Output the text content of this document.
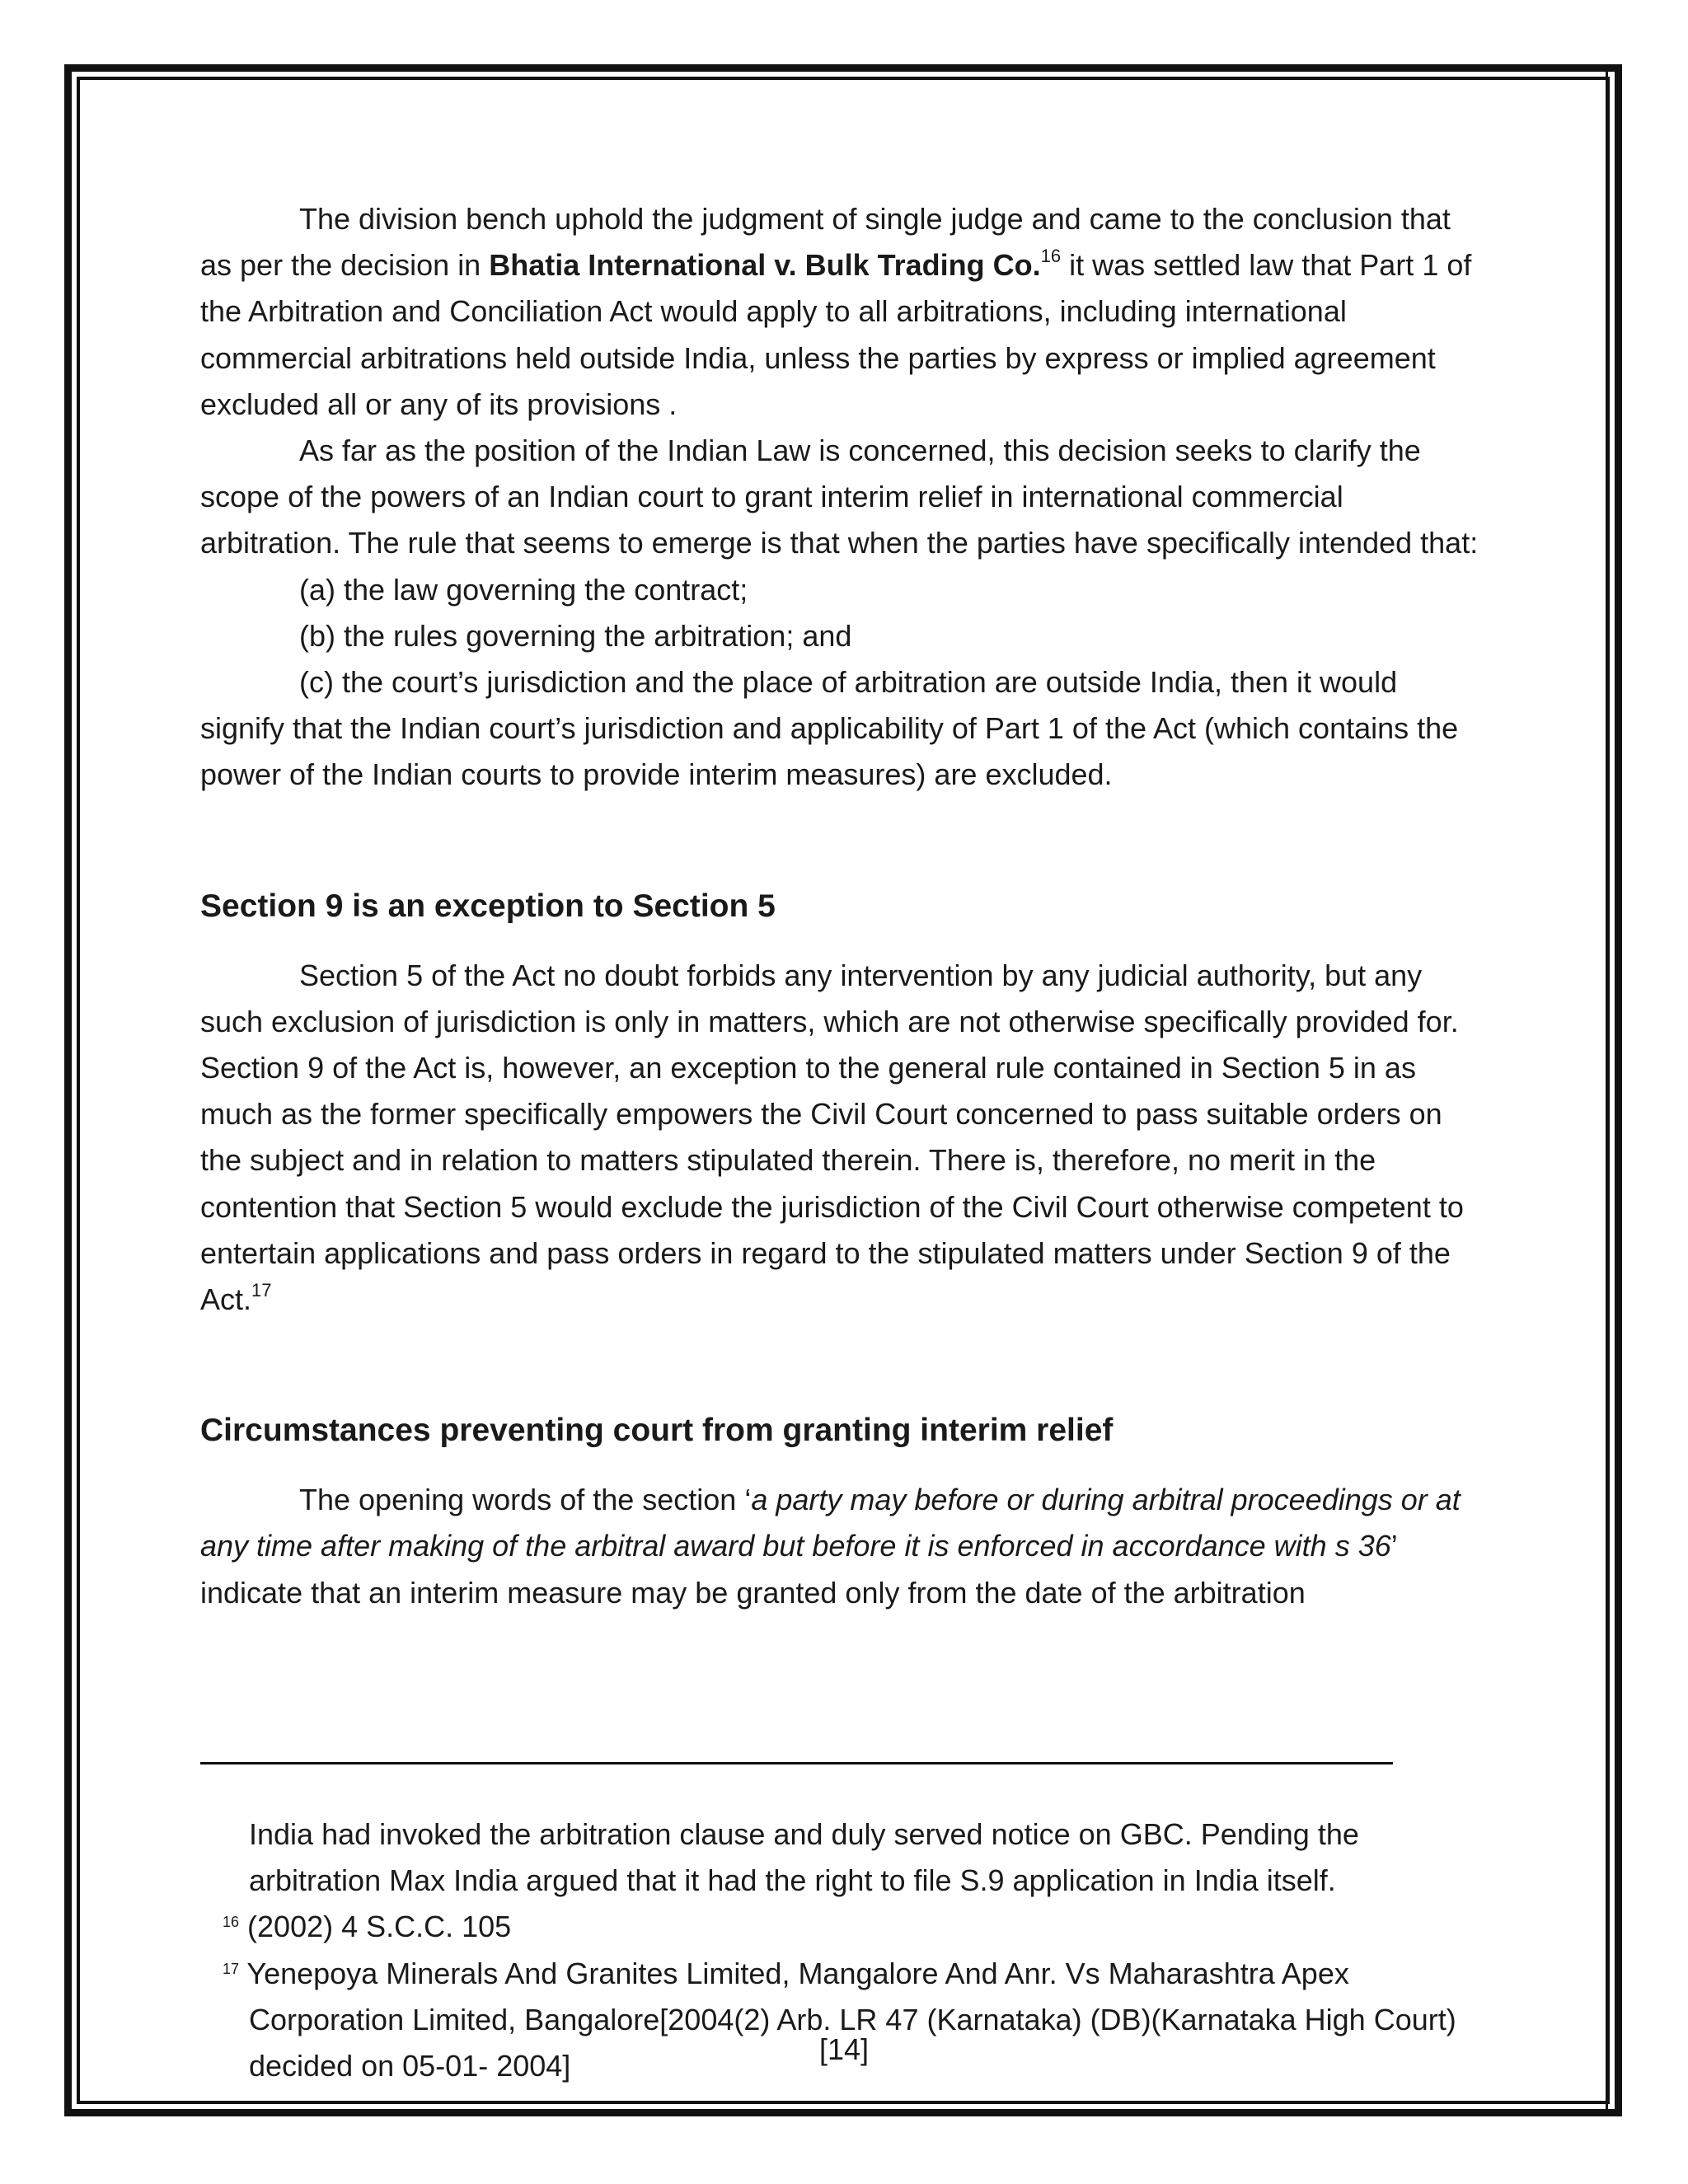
The division bench uphold the judgment of single judge and came to the conclusion that as per the decision in Bhatia International v. Bulk Trading Co.$^{16}$ it was settled law that Part 1 of the Arbitration and Conciliation Act would apply to all arbitrations, including international commercial arbitrations held outside India, unless the parties by express or implied agreement excluded all or any of its provisions .

As far as the position of the Indian Law is concerned, this decision seeks to clarify the scope of the powers of an Indian court to grant interim relief in international commercial arbitration. The rule that seems to emerge is that when the parties have specifically intended that:

(a) the law governing the contract;

(b) the rules governing the arbitration; and

(c) the court’s jurisdiction and the place of arbitration are outside India, then it would signify that the Indian court’s jurisdiction and applicability of Part 1 of the Act (which contains the power of the Indian courts to provide interim measures) are excluded.

Section 9 is an exception to Section 5

Section 5 of the Act no doubt forbids any intervention by any judicial authority, but any such exclusion of jurisdiction is only in matters, which are not otherwise specifically provided for. Section 9 of the Act is, however, an exception to the general rule contained in Section 5 in as much as the former specifically empowers the Civil Court concerned to pass suitable orders on the subject and in relation to matters stipulated therein. There is, therefore, no merit in the contention that Section 5 would exclude the jurisdiction of the Civil Court otherwise competent to entertain applications and pass orders in regard to the stipulated matters under Section 9 of the Act.$^{17}$

Circumstances preventing court from granting interim relief

The opening words of the section ‘a party may before or during arbitral proceedings or at any time after making of the arbitral award but before it is enforced in accordance with s 36’ indicate that an interim measure may be granted only from the date of the arbitration

India had invoked the arbitration clause and duly served notice on GBC. Pending the arbitration Max India argued that it had the right to file S.9 application in India itself.

$^{16}$ (2002) 4 S.C.C. 105

$^{17}$ Yenepoya Minerals And Granites Limited, Mangalore And Anr. Vs Maharashtra Apex Corporation Limited, Bangalore[2004(2) Arb. LR 47 (Karnataka) (DB)(Karnataka High Court) decided on 05-01- 2004]	[14]
